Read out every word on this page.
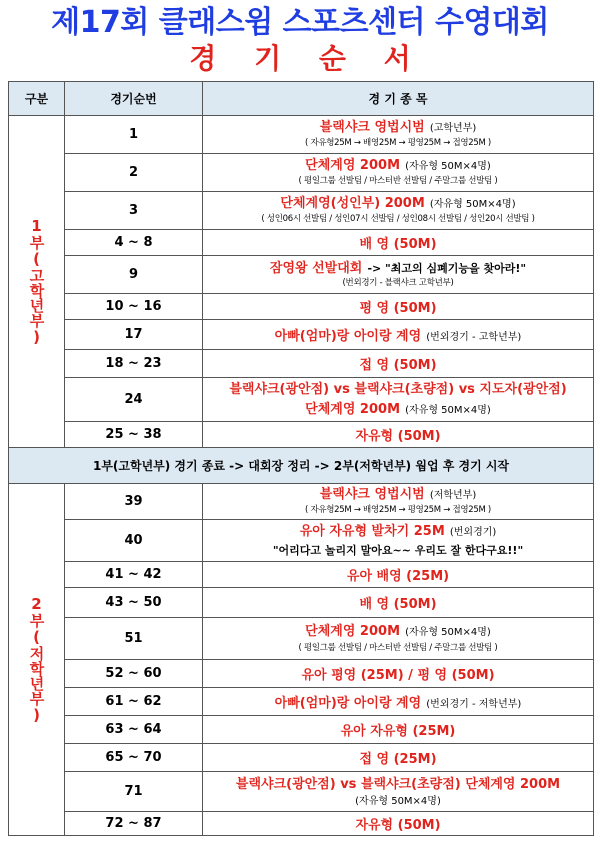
제17회 클래스윔 스포츠센터 수영대회
경 기 순 서
구분	경기순번	경 기 종 목

1부(고학년부)	1	블랙샤크 영법시범 (고학년부)
( 자유형25M → 배영25M → 평영25M → 접영25M )

	2	단체계영 200M (자유형 50M×4명)
( 평일그룹 선발팀 / 마스터반 선발팀 / 주말그룹 선발팀 )

	3	단체계영(성인부) 200M (자유형 50M×4명)
( 성인06시 선발팀 / 성인07시 선발팀 / 성인08시 선발팀 / 성인20시 선발팀 )

	4 ~ 8	배 영 (50M)
	9	잠영왕 선발대회 -> "최고의 심폐기능을 찾아라!"
(번외경기 - 블랙샤크 고학년부)

	10 ~ 16	평 영 (50M)
	17	아빠(엄마)랑 아이랑 계영 (번외경기 - 고학년부)
	18 ~ 23	접 영 (50M)
	24	블랙샤크(광안점) vs 블랙샤크(초량점) vs 지도자(광안점)
단체계영 200M (자유형 50M×4명)

	25 ~ 38	자유형 (50M)
1부(고학년부) 경기 종료 -> 대회장 정리 -> 2부(저학년부) 웜업 후 경기 시작		

2부(저학년부)	39	블랙샤크 영법시범 (저학년부)
( 자유형25M → 배영25M → 평영25M → 접영25M )

	40	유아 자유형 발차기 25M (번외경기)
"어리다고 놀리지 말아요~~ 우리도 잘 한다구요!!"

	41 ~ 42	유아 배영 (25M)
	43 ~ 50	배 영 (50M)
	51	단체계영 200M (자유형 50M×4명)
( 평일그룹 선발팀 / 마스터반 선발팀 / 주말그룹 선발팀 )

	52 ~ 60	유아 평영 (25M) / 평 영 (50M)
	61 ~ 62	아빠(엄마)랑 아이랑 계영 (번외경기 - 저학년부)
	63 ~ 64	유아 자유형 (25M)
	65 ~ 70	접 영 (25M)
	71	블랙샤크(광안점) vs 블랙샤크(초량점) 단체계영 200M
(자유형 50M×4명)

	72 ~ 87	자유형 (50M)
